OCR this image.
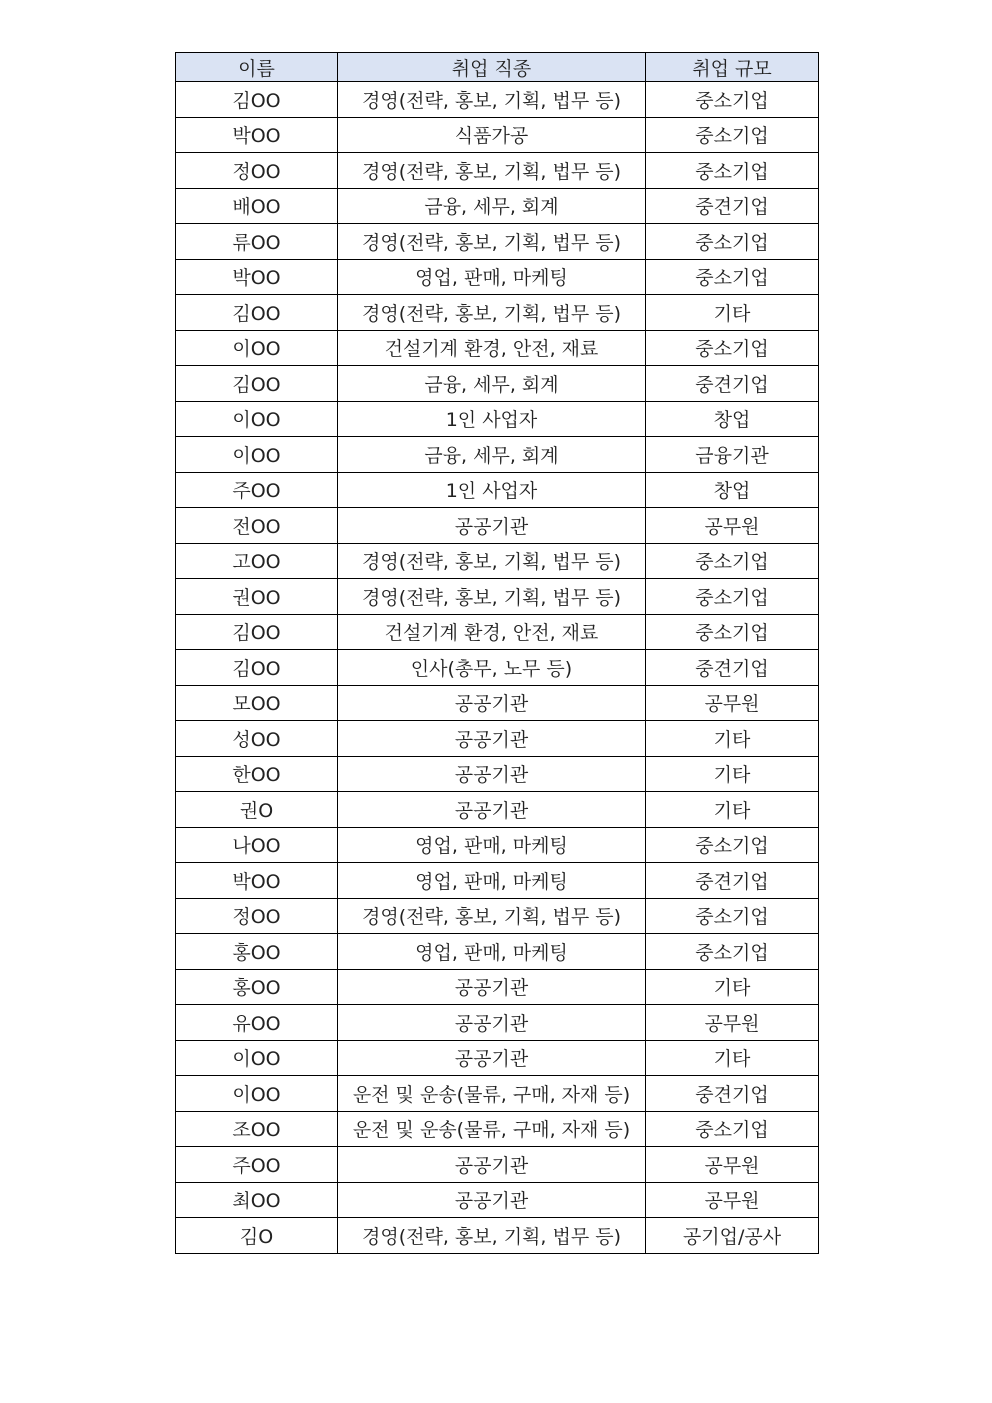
이름	취업 직종	취업 규모
김OO	경영(전략, 홍보, 기획, 법무 등)	중소기업
박OO	식품가공	중소기업
정OO	경영(전략, 홍보, 기획, 법무 등)	중소기업
배OO	금융, 세무, 회계	중견기업
류OO	경영(전략, 홍보, 기획, 법무 등)	중소기업
박OO	영업, 판매, 마케팅	중소기업
김OO	경영(전략, 홍보, 기획, 법무 등)	기타
이OO	건설기계 환경, 안전, 재료	중소기업
김OO	금융, 세무, 회계	중견기업
이OO	1인 사업자	창업
이OO	금융, 세무, 회계	금융기관
주OO	1인 사업자	창업
전OO	공공기관	공무원
고OO	경영(전략, 홍보, 기획, 법무 등)	중소기업
권OO	경영(전략, 홍보, 기획, 법무 등)	중소기업
김OO	건설기계 환경, 안전, 재료	중소기업
김OO	인사(총무, 노무 등)	중견기업
모OO	공공기관	공무원
성OO	공공기관	기타
한OO	공공기관	기타
권O	공공기관	기타
나OO	영업, 판매, 마케팅	중소기업
박OO	영업, 판매, 마케팅	중견기업
정OO	경영(전략, 홍보, 기획, 법무 등)	중소기업
홍OO	영업, 판매, 마케팅	중소기업
홍OO	공공기관	기타
유OO	공공기관	공무원
이OO	공공기관	기타
이OO	운전 및 운송(물류, 구매, 자재 등)	중견기업
조OO	운전 및 운송(물류, 구매, 자재 등)	중소기업
주OO	공공기관	공무원
최OO	공공기관	공무원
김O	경영(전략, 홍보, 기획, 법무 등)	공기업/공사
